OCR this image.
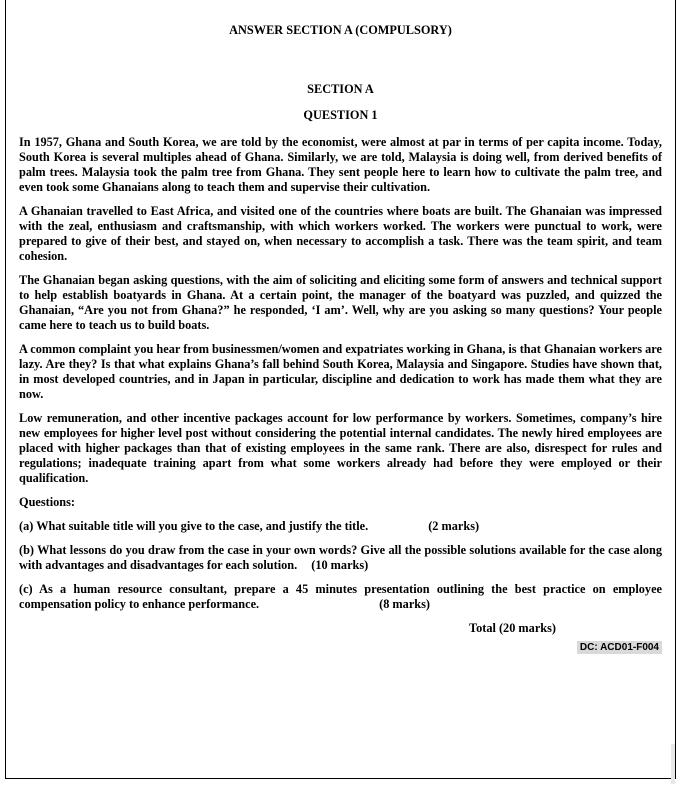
ANSWER SECTION A (COMPULSORY)
SECTION A
QUESTION 1

In 1957, Ghana and South Korea, we are told by the economist, were almost at par in terms of per capita income. Today, South Korea is several multiples ahead of Ghana. Similarly, we are told, Malaysia is doing well, from derived benefits of palm trees. Malaysia took the palm tree from Ghana. They sent people here to learn how to cultivate the palm tree, and even took some Ghanaians along to teach them and supervise their cultivation.

A Ghanaian travelled to East Africa, and visited one of the countries where boats are built. The Ghanaian was impressed with the zeal, enthusiasm and craftsmanship, with which workers worked. The workers were punctual to work, were prepared to give of their best, and stayed on, when necessary to accomplish a task. There was the team spirit, and team cohesion.

The Ghanaian began asking questions, with the aim of soliciting and eliciting some form of answers and technical support to help establish boatyards in Ghana. At a certain point, the manager of the boatyard was puzzled, and quizzed the Ghanaian, “Are you not from Ghana?” he responded, ‘I am’. Well, why are you asking so many questions? Your people came here to teach us to build boats.

A common complaint you hear from businessmen/women and expatriates working in Ghana, is that Ghanaian workers are lazy. Are they? Is that what explains Ghana’s fall behind South Korea, Malaysia and Singapore. Studies have shown that, in most developed countries, and in Japan in particular, discipline and dedication to work has made them what they are now.

Low remuneration, and other incentive packages account for low performance by workers. Sometimes, company’s hire new employees for higher level post without considering the potential internal candidates. The newly hired employees are placed with higher packages than that of existing employees in the same rank. There are also, disrespect for rules and regulations; inadequate training apart from what some workers already had before they were employed or their qualification.

Questions:

(a) What suitable title will you give to the case, and justify the title.	(2 marks)

(b) What lessons do you draw from the case in your own words? Give all the possible solutions available for the case along with advantages and disadvantages for each solution. (10 marks)

(c) As a human resource consultant, prepare a 45 minutes presentation outlining the best practice on employee compensation policy to enhance performance.	(8 marks)

Total (20 marks)
DC: ACD01-F004
